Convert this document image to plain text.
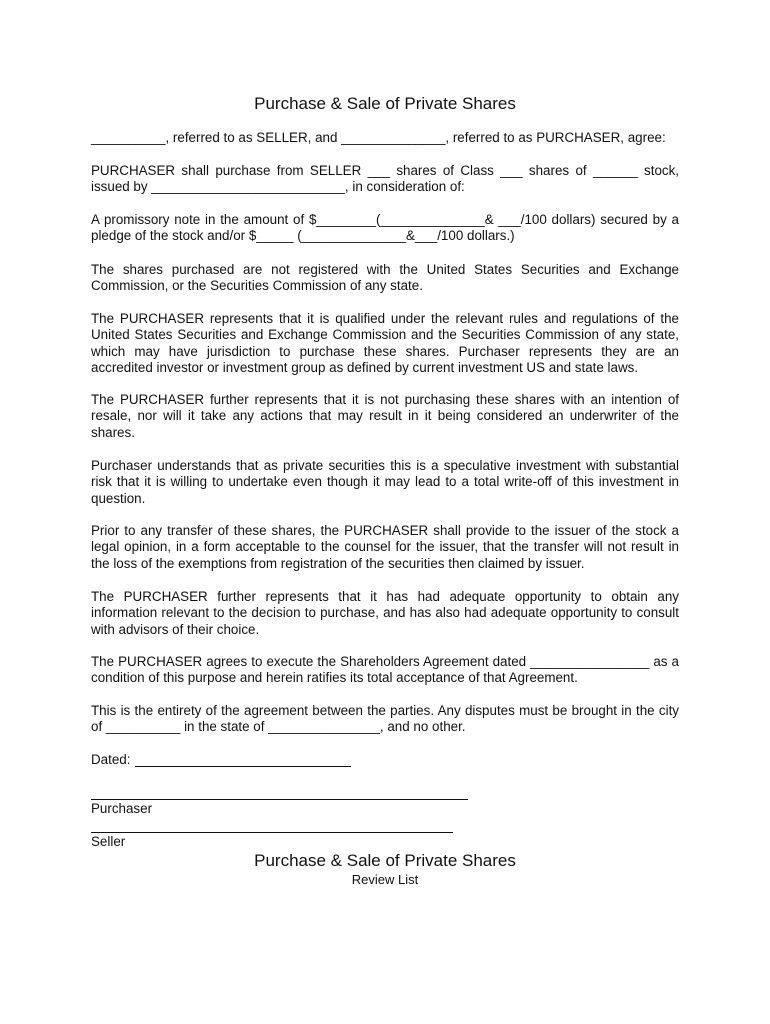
Purchase & Sale of Private Shares
__________, referred to as SELLER, and ______________, referred to as PURCHASER, agree:
PURCHASER shall purchase from SELLER ___ shares of Class ___ shares of ______ stock, issued by __________________________, in consideration of:
A promissory note in the amount of $________(______________& ___/100 dollars) secured by a pledge of the stock and/or $_____ (______________&___/100 dollars.)
The shares purchased are not registered with the United States Securities and Exchange Commission, or the Securities Commission of any state.
The PURCHASER represents that it is qualified under the relevant rules and regulations of the United States Securities and Exchange Commission and the Securities Commission of any state, which may have jurisdiction to purchase these shares. Purchaser represents they are an accredited investor or investment group as defined by current investment US and state laws.
The PURCHASER further represents that it is not purchasing these shares with an intention of resale, nor will it take any actions that may result in it being considered an underwriter of the shares.
Purchaser understands that as private securities this is a speculative investment with substantial risk that it is willing to undertake even though it may lead to a total write-off of this investment in question.
Prior to any transfer of these shares, the PURCHASER shall provide to the issuer of the stock a legal opinion, in a form acceptable to the counsel for the issuer, that the transfer will not result in the loss of the exemptions from registration of the securities then claimed by issuer.
The PURCHASER further represents that it has had adequate opportunity to obtain any information relevant to the decision to purchase, and has also had adequate opportunity to consult with advisors of their choice.
The PURCHASER agrees to execute the Shareholders Agreement dated ________________ as a condition of this purpose and herein ratifies its total acceptance of that Agreement.
This is the entirety of the agreement between the parties. Any disputes must be brought in the city of __________ in the state of _______________, and no other.
Dated:
Purchaser
Seller
Purchase & Sale of Private Shares
Review List
